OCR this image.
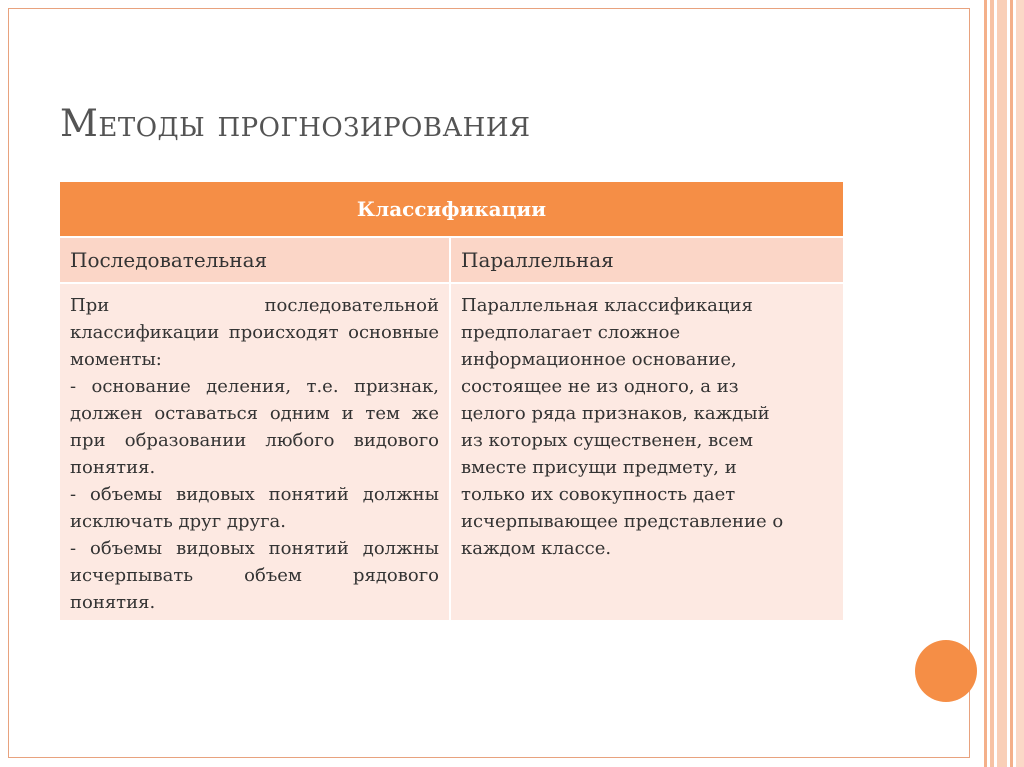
Методы прогнозирования
Классификации
Последовательная	Параллельная

При последовательной классификации происходят основные моменты:

- основание деления, т.е. признак, должен оставаться одним и тем же при образовании любого видового понятия.

- объемы видовых понятий должны исключать друг друга.

- объемы видовых понятий должны исчерпывать объем рядового понятия.

Параллельная классификация

предполагает сложное

информационное основание,

состоящее не из одного, а из

целого ряда признаков, каждый

из которых существенен, всем

вместе присущи предмету, и

только их совокупность дает

исчерпывающее представление о

каждом классе.
